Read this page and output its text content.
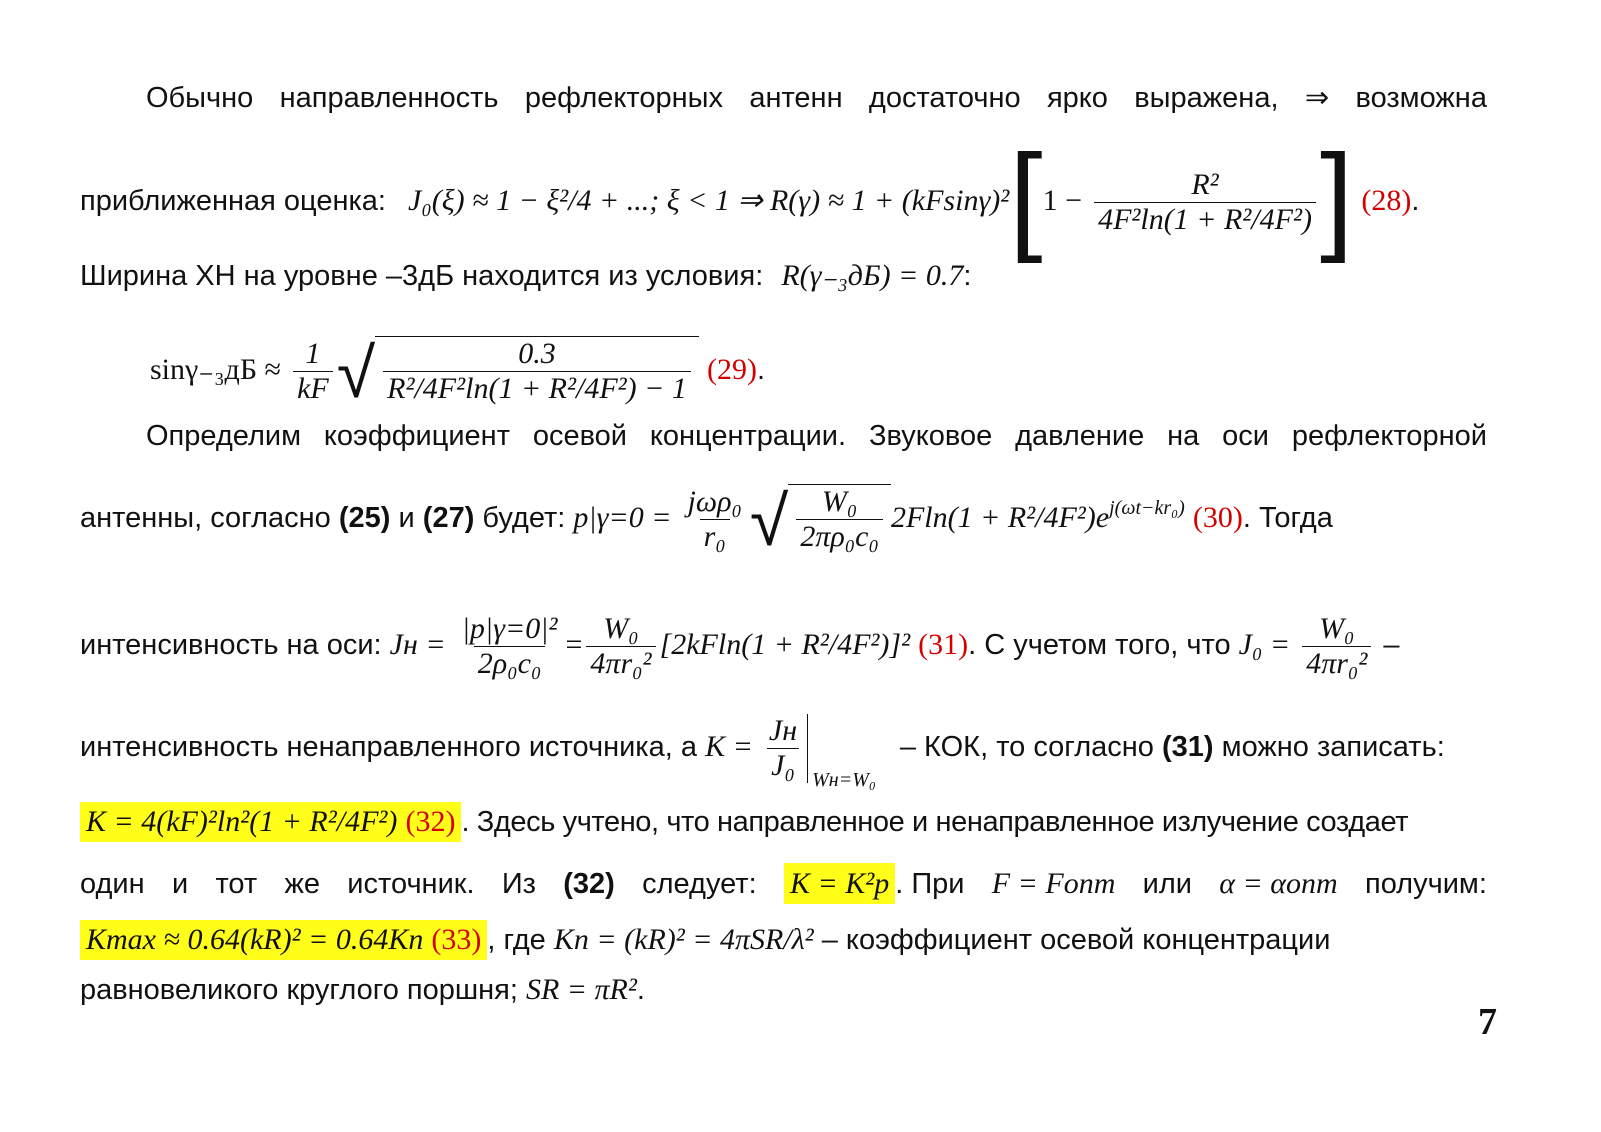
Обычно направленность рефлекторных антенн достаточно ярко выражена, ⇒ возможна
приближенная оценка: J₀(ξ) ≈ 1 − ξ²/4 + ...; ξ < 1 ⇒ $R(\gamma) \approx 1 + (kFsin\gamma)^2[1 - \frac{\text{R²}}{\text{4F²ln(1 + R²/4F²)}}$ ] (28).
Ширина ХН на уровне –3дБ находится из условия: R(γ₋₃дБ) = 0.7:
$\sin\gamma_{-3}дБ \approx \frac{1}{kF}$ √ $\frac{0.3}{\text{R²/4F²ln(1 + R²/4F²) − 1}} (29)$.
Определим коэффициент осевой концентрации. Звуковое давление на оси рефлекторной
антенны, согласно (25) и (27) будет: $p|\gamma=0 = \frac{\text{jωρ₀}}{\text{r₀}}$ √ $\frac{\text{W₀}}{\text{2πρ₀c₀}} 2Fln(1 + R^2/4F^2)e^{j(\omega t-kr_0)}$ (30). Тогда
интенсивность на оси: Jн = $\frac{\text{|p|γ=0|²}}{\text{2ρ₀c₀}} = \frac{\text{W₀}}{\text{4πr₀²}} [2kFln(1 + R^2/4F^2)]^2$ (31). С учетом того, что $J_0 = \frac{\text{W₀}}{\text{4πr₀²}}$ –
интенсивность ненаправленного источника, а $K = \frac{Jн}{\text{J₀}} _{Wн=W_0}$ – КОК, то согласно (31) можно записать:
K = 4(kF)²ln²(1 + R²/4F²) (32) . Здесь учтено, что направленное и ненаправленное излучение создает
один и тот же источник. Из (32) следует: K = K²p . При F = Fопт или α = αопт получим:
Kmax ≈ 0.64(kR)² = 0.64Kп (33) , где Kп = (kR)² = 4πSR/λ² – коэффициент осевой концентрации
равновеликого круглого поршня; SR = πR².
7
